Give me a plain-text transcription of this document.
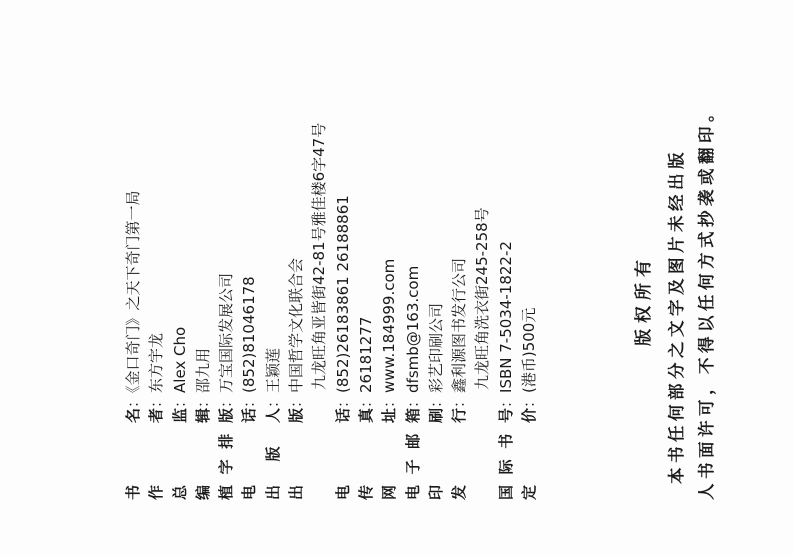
书
名
：《金口奇门》之天下奇门第一局
作
者
：东方宇龙
总
监
：Alex Cho
编
辑
：邵九用
植
字
排
版
：万宝国际发展公司
电
话
：(852)81046178
出
版
人
：王颖莲
出
版
：中国哲学文化联合会 九龙旺角亚皆街42-81号雅佳楼6字47号
电
话
：(852)26183861 26188861
传
真
：26181277
网
址
：www.184999.com
电
子
邮
箱
：dfsmb@163.com
印
刷
：彩艺印刷公司
发
行
：鑫利源图书发行公司 九龙旺角洗衣街245-258号
国
际
书
号
：ISBN 7-5034-1822-2
定
价
：(港币)500元
版权所有 本书任何部分之文字及图片未经出版 人书面许可，不得以任何方式抄袭或翻印。
